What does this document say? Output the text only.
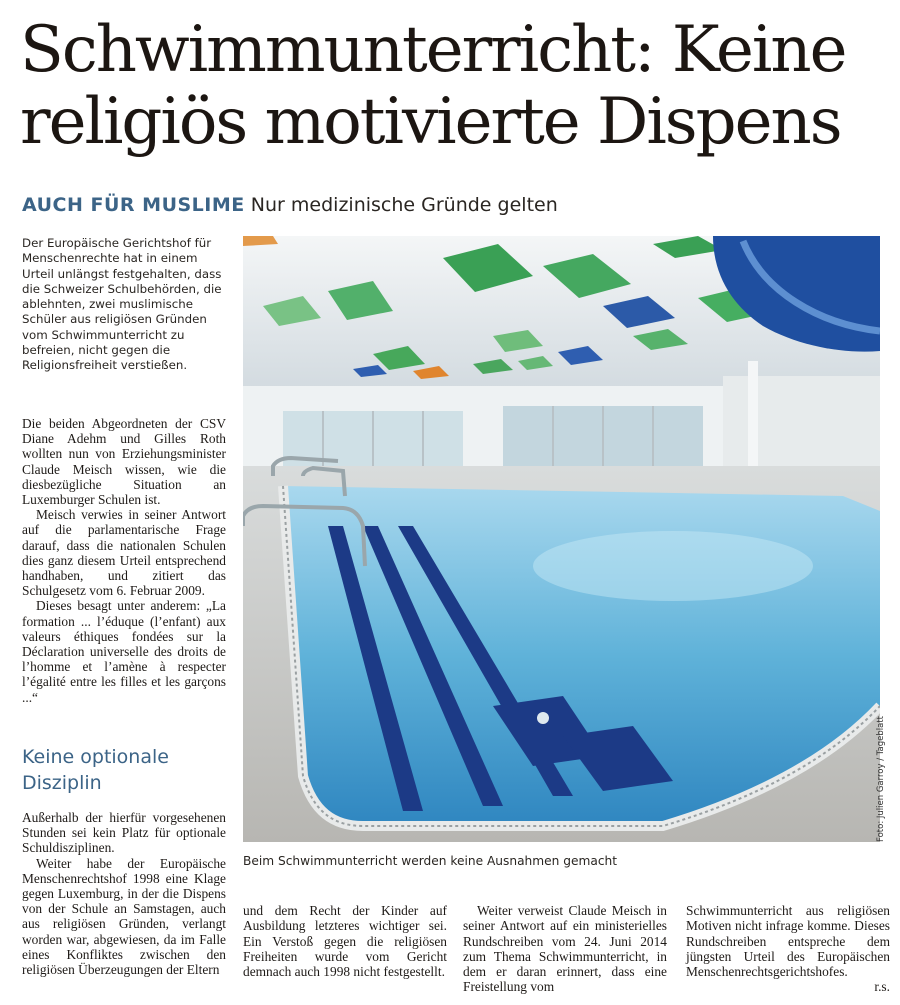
Schwimmunterricht: Keine religiös motivierte Dispens
AUCH FÜR MUSLIME Nur medizinische Gründe gelten
Der Europäische Gerichtshof für Menschenrechte hat in einem Urteil unlängst festgehalten, dass die Schweizer Schulbehörden, die ablehnten, zwei muslimische Schüler aus religiösen Gründen vom Schwimmunterricht zu befreien, nicht gegen die Religionsfreiheit verstießen.

Die beiden Abgeordneten der CSV Diane Adehm und Gilles Roth wollten nun von Erziehungsminister Claude Meisch wissen, wie die diesbezügliche Situation an Luxemburger Schulen ist.

Meisch verwies in seiner Antwort auf die parlamentarische Frage darauf, dass die nationalen Schulen dies ganz diesem Urteil entsprechend handhaben, und zitiert das Schulgesetz vom 6. Februar 2009.

Dieses besagt unter anderem: „La formation ... l’éduque (l’enfant) aux valeurs éthiques fondées sur la Déclaration universelle des droits de l’homme et l’amène à respecter l’égalité entre les filles et les garçons ...“

Keine optionale Disziplin

Außerhalb der hierfür vorgesehenen Stunden sei kein Platz für optionale Schuldisziplinen.

Weiter habe der Europäische Menschenrechtshof 1998 eine Klage gegen Luxemburg, in der die Dispens von der Schule an Samstagen, auch aus religiösen Gründen, verlangt worden war, abgewiesen, da im Falle eines Konfliktes zwischen den religiösen Überzeugungen der Eltern

Foto: Julien Garroy / Tageblatt
Beim Schwimmunterricht werden keine Ausnahmen gemacht

und dem Recht der Kinder auf Ausbildung letzteres wichtiger sei. Ein Verstoß gegen die religiösen Freiheiten wurde vom Gericht demnach auch 1998 nicht festgestellt.

Weiter verweist Claude Meisch in seiner Antwort auf ein ministerielles Rundschreiben vom 24. Juni 2014 zum Thema Schwimmunterricht, in dem er daran erinnert, dass eine Freistellung vom

Schwimmunterricht aus religiösen Motiven nicht infrage komme. Dieses Rundschreiben entspreche dem jüngsten Urteil des Europäischen Menschenrechtsgerichtshofes.

r.s.
